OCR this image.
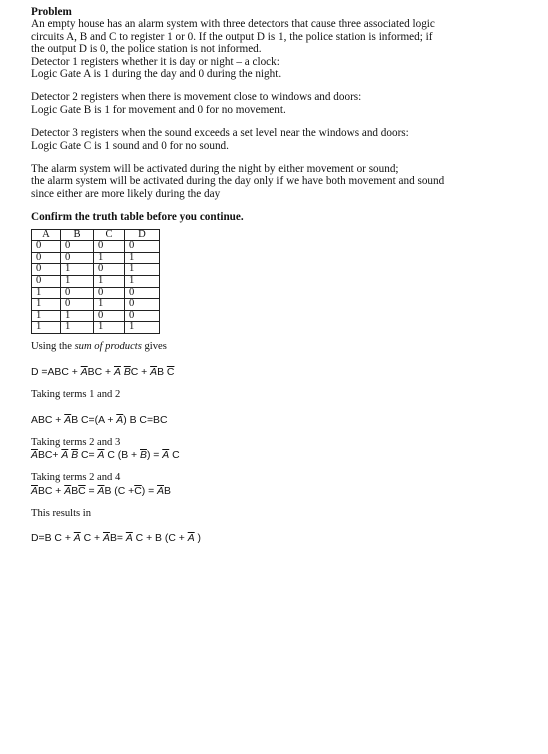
Problem
An empty house has an alarm system with three detectors that cause three associated logic
circuits A, B and C to register 1 or 0. If the output D is 1, the police station is informed; if
the output D is 0, the police station is not informed.
Detector 1 registers whether it is day or night – a clock:
Logic Gate A is 1 during the day and 0 during the night.
Detector 2 registers when there is movement close to windows and doors:
Logic Gate B is 1 for movement and 0 for no movement.
Detector 3 registers when the sound exceeds a set level near the windows and doors:
Logic Gate C is 1 sound and 0 for no sound.
The alarm system will be activated during the night by either movement or sound;
the alarm system will be activated during the day only if we have both movement and sound
since either are more likely during the day
Confirm the truth table before you continue.
A	B	C	D
0	0	0	0
0	0	1	1
0	1	0	1
0	1	1	1
1	0	0	0
1	0	1	0
1	1	0	0
1	1	1	1
Using the sum of products gives
$D =ABC + \overline{A}BC + \overline{A}$ $\overline{B}C + \overline{A}B$ $\overline{C}$
Taking terms 1 and 2
ABC + $\overline{A}B$ $C=(A + \overline{A})$ B C=BC
Taking terms 2 and 3
$\overline{A}BC+ \overline{A}$ $\overline{B}$ $C= \overline{A}$ C $(B + \overline{B}) = \overline{A}$ C
Taking terms 2 and 4
$\overline{A}BC + \overline{A}B\overline{C} = \overline{A}B$ $(C +\overline{C}) = \overline{A}B$
This results in
D=B $C + \overline{A}$ $C + \overline{A}B= \overline{A}$ C + B ($C + \overline{A}$ )
